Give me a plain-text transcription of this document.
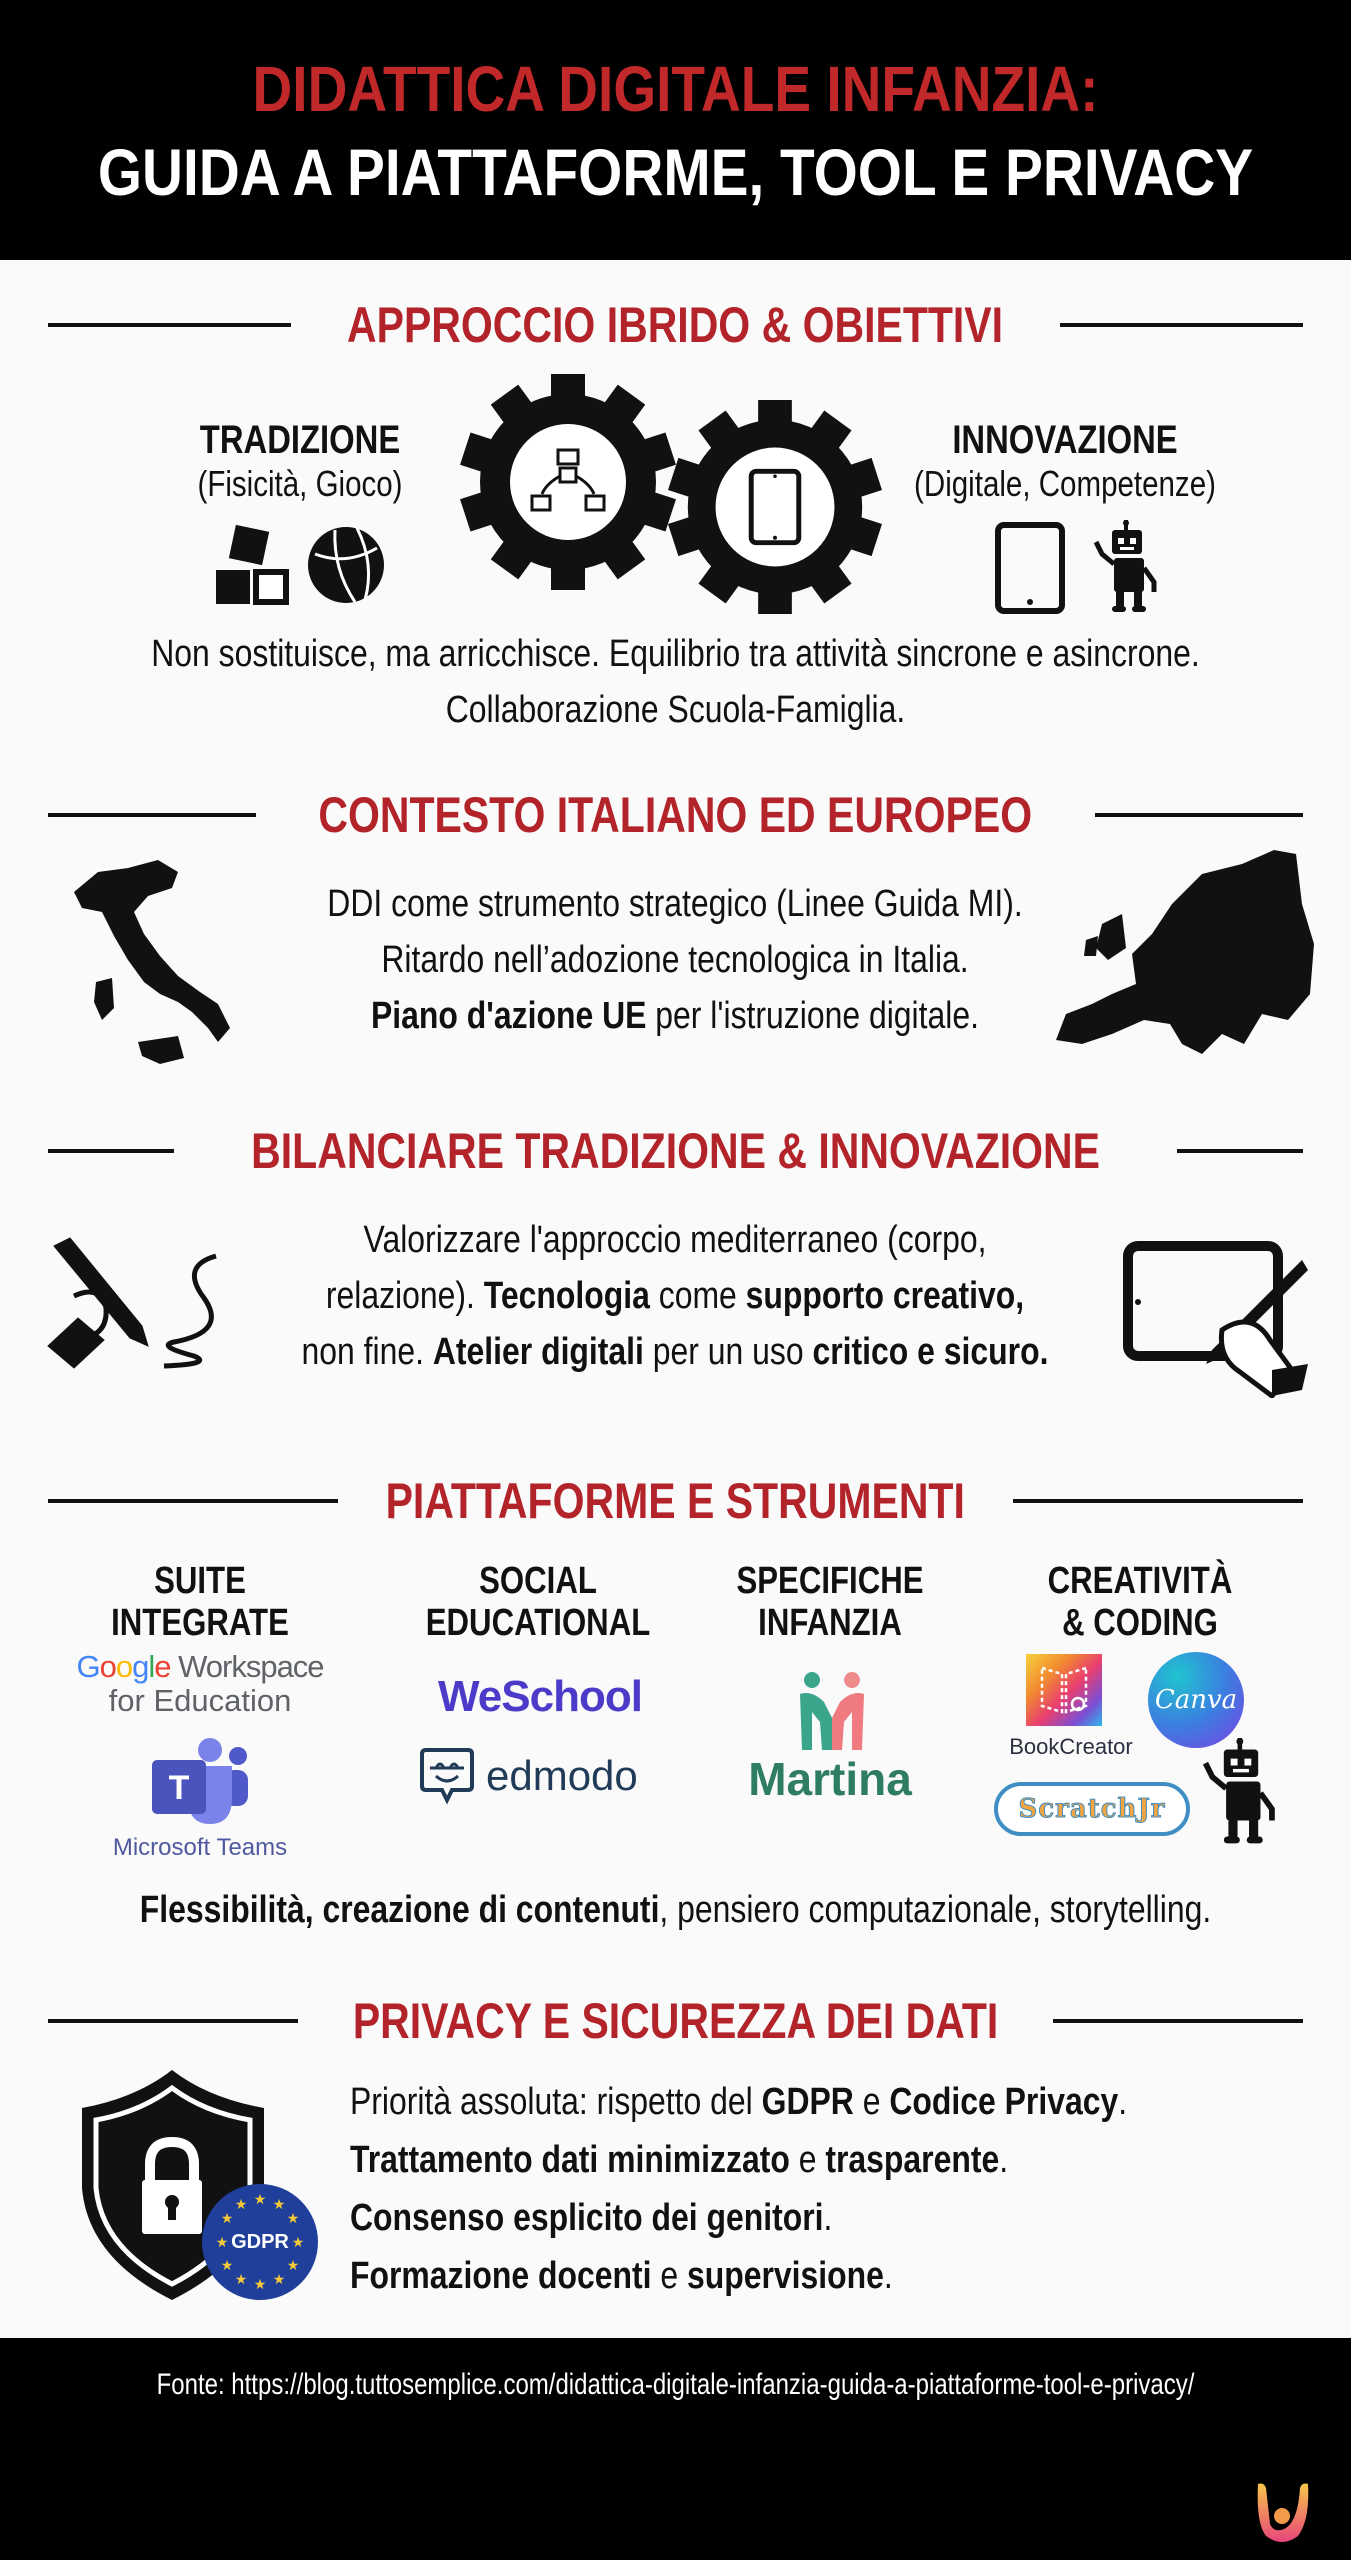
DIDATTICA DIGITALE INFANZIA:
GUIDA A PIATTAFORME, TOOL E PRIVACY
APPROCCIO IBRIDO & OBIETTIVI
TRADIZIONE
(Fisicità, Gioco)
INNOVAZIONE
(Digitale, Competenze)
Non sostituisce, ma arricchisce. Equilibrio tra attività sincrone e asincrone.
Collaborazione Scuola-Famiglia.
CONTESTO ITALIANO ED EUROPEO
DDI come strumento strategico (Linee Guida MI).
Ritardo nell’adozione tecnologica in Italia.
Piano d'azione UE per l'istruzione digitale.
BILANCIARE TRADIZIONE & INNOVAZIONE
Valorizzare l'approccio mediterraneo (corpo,
relazione). Tecnologia come supporto creativo,
non fine. Atelier digitali per un uso critico e sicuro.
PIATTAFORME E STRUMENTI
SUITE
INTEGRATE
SOCIAL
EDUCATIONAL
SPECIFICHE
INFANZIA
CREATIVITÀ
& CODING
Google Workspace
for Education
T
Microsoft Teams
WeSchool
edmodo	Martina
BookCreator
Canva
ScratchJr
Flessibilità, creazione di contenuti, pensiero computazionale, storytelling.
PRIVACY E SICUREZZA DEI DATI
★ ★
★
★
★
★
★
★
★
★
★
★
GDPR
Priorità assoluta: rispetto del GDPR e Codice Privacy.
Trattamento dati minimizzato e trasparente.
Consenso esplicito dei genitori.
Formazione docenti e supervisione.
Fonte: https://blog.tuttosemplice.com/didattica-digitale-infanzia-guida-a-piattaforme-tool-e-privacy/
